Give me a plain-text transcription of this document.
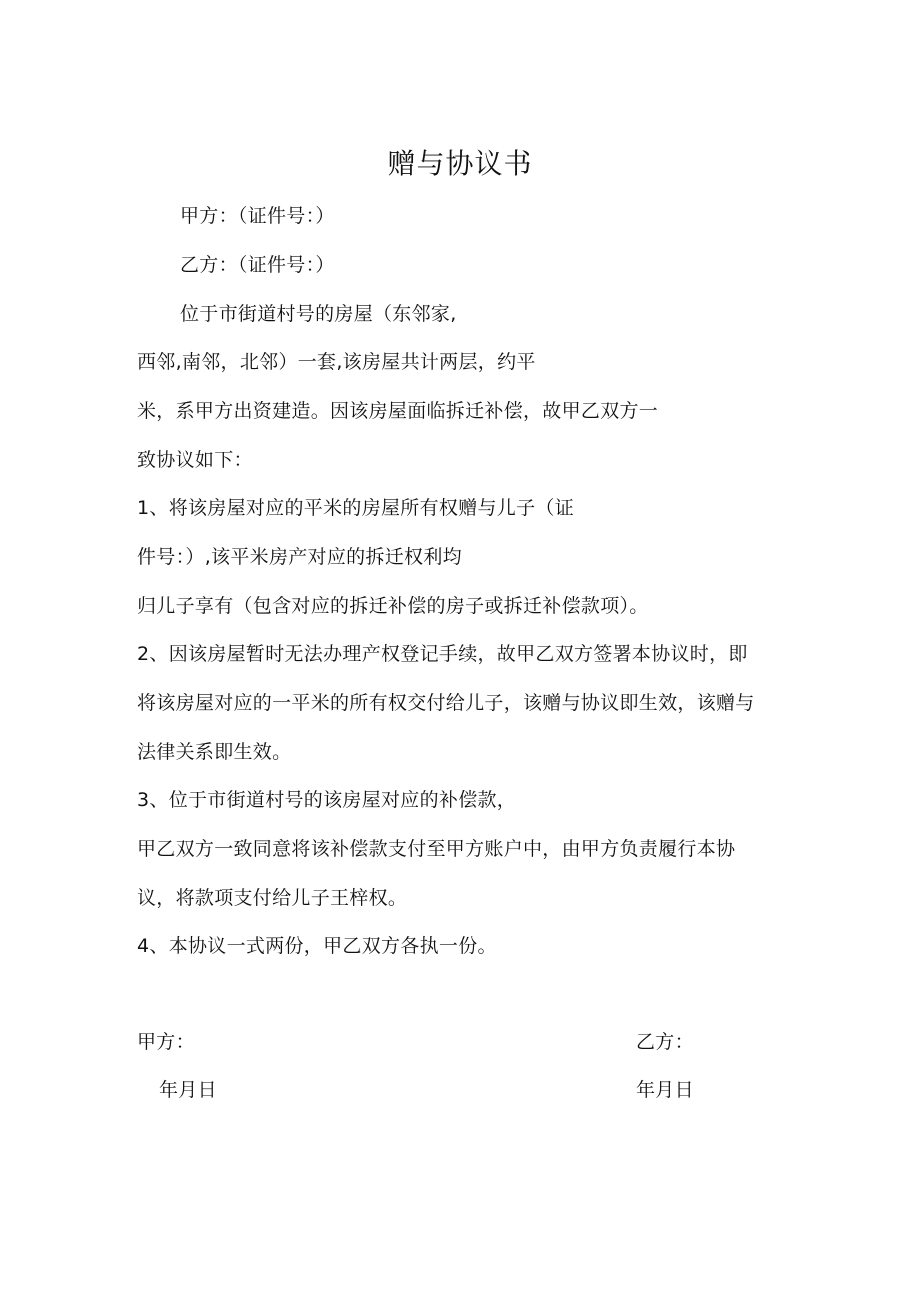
赠与协议书
甲方：（证件号：）
乙方：（证件号：）
位于市街道村号的房屋（东邻家,
西邻,南邻，北邻）一套,该房屋共计两层，约平
米，系甲方出资建造。因该房屋面临拆迁补偿，故甲乙双方一
致协议如下：
1、将该房屋对应的平米的房屋所有权赠与儿子（证
件号：）,该平米房产对应的拆迁权利均
归儿子享有（包含对应的拆迁补偿的房子或拆迁补偿款项）。
2、因该房屋暂时无法办理产权登记手续，故甲乙双方签署本协议时，即
将该房屋对应的一平米的所有权交付给儿子，该赠与协议即生效，该赠与
法律关系即生效。
3、位于市街道村号的该房屋对应的补偿款，
甲乙双方一致同意将该补偿款支付至甲方账户中，由甲方负责履行本协
议，将款项支付给儿子王梓权。
4、本协议一式两份，甲乙双方各执一份。
甲方：	乙方：
年月日	年月日
